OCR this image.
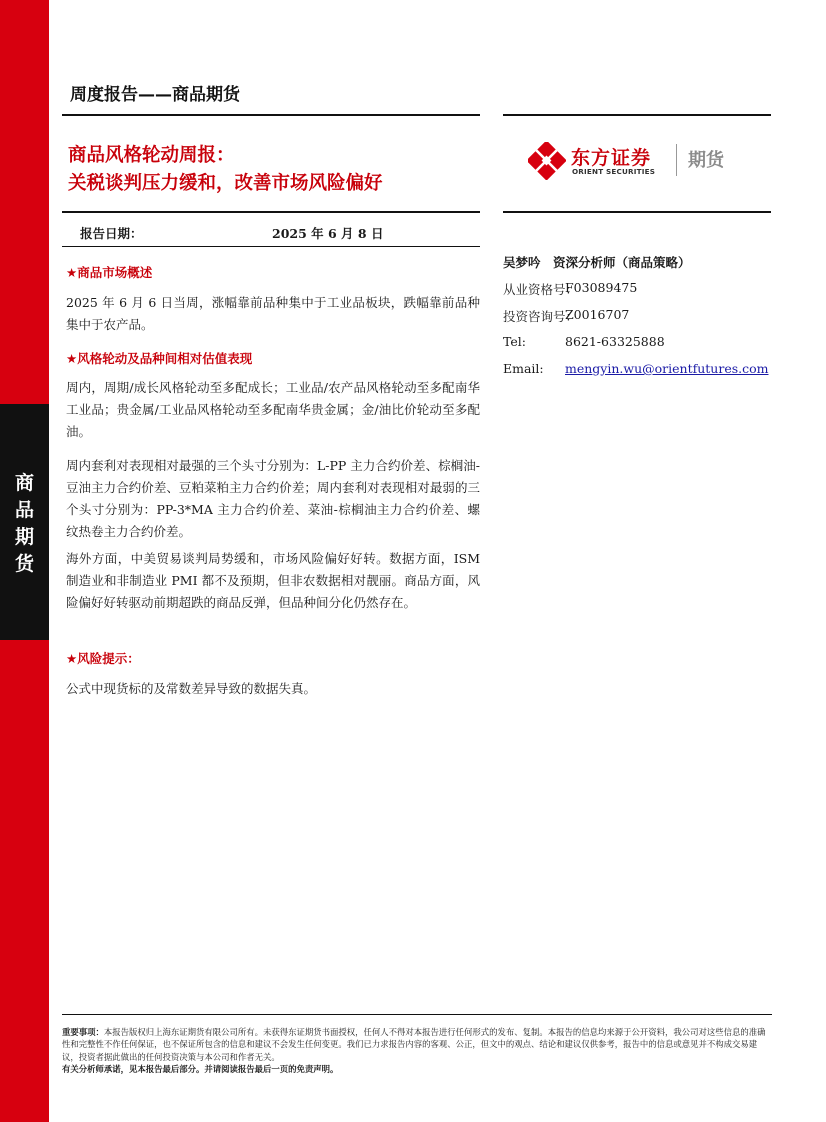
商
品
期
货
周度报告——商品期货
商品风格轮动周报：
关税谈判压力缓和，改善市场风险偏好
东方证券
ORIENT SECURITIES
期货
报告日期：	2025 年 6 月 8 日
★商品市场概述
2025 年 6 月 6 日当周，涨幅靠前品种集中于工业品板块，跌幅靠前品种集中于农产品。
★风格轮动及品种间相对估值表现
周内，周期/成长风格轮动至多配成长；工业品/农产品风格轮动至多配南华工业品；贵金属/工业品风格轮动至多配南华贵金属；金/油比价轮动至多配油。
周内套利对表现相对最强的三个头寸分别为：L-PP 主力合约价差、棕榈油-豆油主力合约价差、豆粕菜粕主力合约价差；周内套利对表现相对最弱的三个头寸分别为：PP-3*MA 主力合约价差、菜油-棕榈油主力合约价差、螺纹热卷主力合约价差。
海外方面，中美贸易谈判局势缓和，市场风险偏好好转。数据方面，ISM 制造业和非制造业 PMI 都不及预期，但非农数据相对靓丽。商品方面，风险偏好好转驱动前期超跌的商品反弹，但品种间分化仍然存在。
★风险提示：
公式中现货标的及常数差异导致的数据失真。
吴梦吟　资深分析师（商品策略）
从业资格号：
F03089475
投资咨询号：
Z0016707
Tel:	8621-63325888
Email: mengyin.wu@orientfutures.com
重要事项：本报告版权归上海东证期货有限公司所有。未获得东证期货书面授权，任何人不得对本报告进行任何形式的发布、复制。本报告的信息均来源于公开资料，我公司对这些信息的准确性和完整性不作任何保证，也不保证所包含的信息和建议不会发生任何变更。我们已力求报告内容的客观、公正，但文中的观点、结论和建议仅供参考，报告中的信息或意见并不构成交易建议，投资者据此做出的任何投资决策与本公司和作者无关。
有关分析师承诺，见本报告最后部分。并请阅读报告最后一页的免责声明。
